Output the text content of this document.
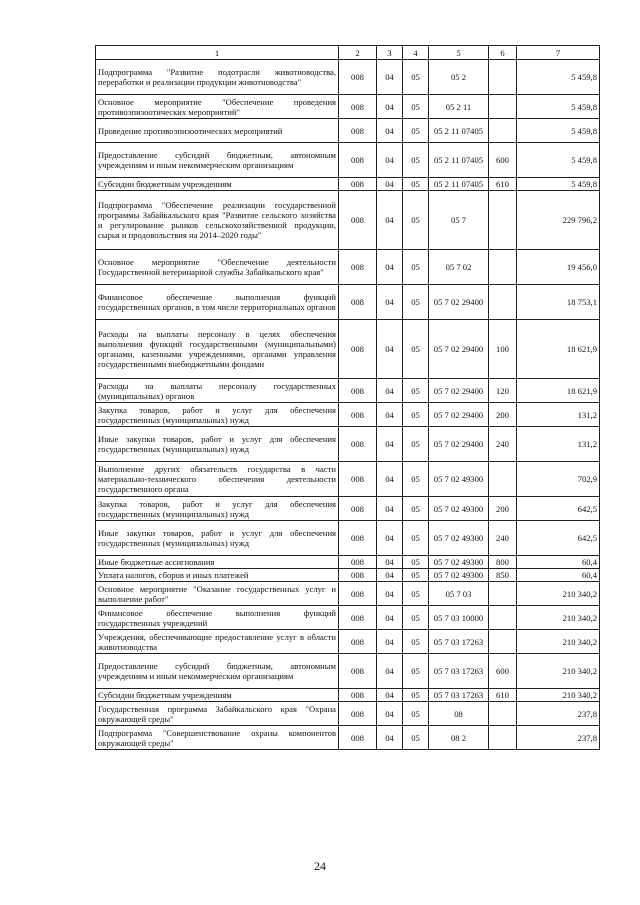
1	2	3	4	5	6	7
Подпрограмма "Развитие подотрасли животноводства, переработки и реализации продукции животноводства"	008	04	05	05 2		5 459,8
Основное мероприятие "Обеспечение проведения противоэпизоотических мероприятий"	008	04	05	05 2 11		5 459,8
Проведение противоэпизоотических мероприятий	008	04	05	05 2 11 07405		5 459,8
Предоставление субсидий бюджетным, автономным учреждениям и иным некоммерческим организациям	008	04	05	05 2 11 07405	600	5 459,8
Субсидии бюджетным учреждениям	008	04	05	05 2 11 07405	610	5 459,8
Подпрограмма "Обеспечение реализации государственной программы Забайкальского края "Развитие сельского хозяйства и регулирование рынков сельскохозяйственной продукции, сырья и продовольствия на 2014–2020 годы"	008	04	05	05 7		229 796,2
Основное мероприятие "Обеспечение деятельности Государственной ветеринарной службы Забайкальского края"	008	04	05	05 7 02		19 456,0
Финансовое обеспечение выполнения функций государственных органов, в том числе территориальных органов	008	04	05	05 7 02 29400		18 753,1
Расходы на выплаты персоналу в целях обеспечения выполнения функций государственными (муниципальными) органами, казенными учреждениями, органами управления государственными внебюджетными фондами	008	04	05	05 7 02 29400	100	18 621,9
Расходы на выплаты персоналу государственных (муниципальных) органов	008	04	05	05 7 02 29400	120	18 621,9
Закупка товаров, работ и услуг для обеспечения государственных (муниципальных) нужд	008	04	05	05 7 02 29400	200	131,2
Иные закупки товаров, работ и услуг для обеспечения государственных (муниципальных) нужд	008	04	05	05 7 02 29400	240	131,2
Выполнение других обязательств государства в части материально-технического обеспечения деятельности государственного органа	008	04	05	05 7 02 49300		702,9
Закупка товаров, работ и услуг для обеспечения государственных (муниципальных) нужд	008	04	05	05 7 02 49300	200	642,5
Иные закупки товаров, работ и услуг для обеспечения государственных (муниципальных) нужд	008	04	05	05 7 02 49300	240	642,5
Иные бюджетные ассигнования	008	04	05	05 7 02 49300	800	60,4
Уплата налогов, сборов и иных платежей	008	04	05	05 7 02 49300	850	60,4
Основное мероприятие "Оказание государственных услуг и выполнение работ"	008	04	05	05 7 03		210 340,2
Финансовое обеспечение выполнения функций государственных учреждений	008	04	05	05 7 03 10000		210 340,2
Учреждения, обеспечивающие предоставление услуг в области животноводства	008	04	05	05 7 03 17263		210 340,2
Предоставление субсидий бюджетным, автономным учреждениям и иным некоммерческим организациям	008	04	05	05 7 03 17263	600	210 340,2
Субсидии бюджетным учреждениям	008	04	05	05 7 03 17263	610	210 340,2
Государственная программа Забайкальского края "Охрана окружающей среды"	008	04	05	08		237,8
Подпрограмма "Совершенствование охраны компонентов окружающей среды"	008	04	05	08 2		237,8
24
